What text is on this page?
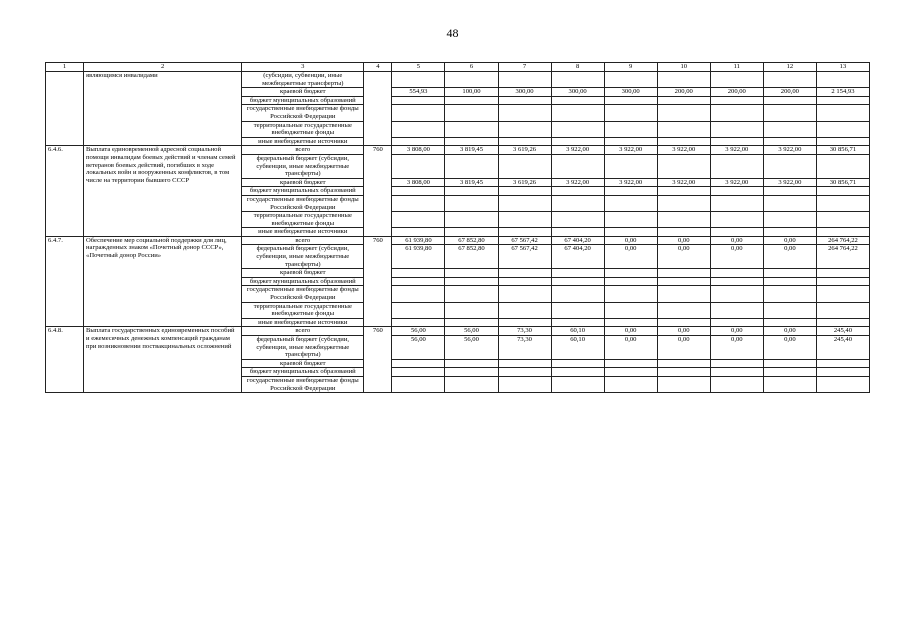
48
1	2	3	4	5	6	7	8	9	10	11	12	13
	являющимся инвалидами	(субсидии, субвенции, иные межбюджетные трансферты)										
		краевой бюджет		554,93	100,00	300,00	300,00	300,00	200,00	200,00	200,00	2 154,93
		бюджет муниципальных образований										
		государственные внебюджетные фонды Российской Федерации										
		территориальные государственные внебюджетные фонды										
		иные внебюджетные источники										
6.4.6.	Выплата единовременной адресной социальной помощи инвалидам боевых действий и членам семей ветеранов боевых действий, погибших в ходе локальных войн и вооруженных конфликтов, в том числе на территории бывшего СССР	всего	760	3 808,00	3 819,45	3 619,26	3 922,00	3 922,00	3 922,00	3 922,00	3 922,00	30 856,71
		федеральный бюджет (субсидии, субвенции, иные межбюджетные трансферты)										
		краевой бюджет		3 808,00	3 819,45	3 619,26	3 922,00	3 922,00	3 922,00	3 922,00	3 922,00	30 856,71
		бюджет муниципальных образований										
		государственные внебюджетные фонды Российской Федерации										
		территориальные государственные внебюджетные фонды										
		иные внебюджетные источники										
6.4.7.	Обеспечение мер социальной поддержки для лиц, награжденных знаком «Почетный донор СССР», «Почетный донор России»	всего	760	61 939,80	67 852,80	67 567,42	67 404,20	0,00	0,00	0,00	0,00	264 764,22
		федеральный бюджет (субсидии, субвенции, иные межбюджетные трансферты)		61 939,80	67 852,80	67 567,42	67 404,20	0,00	0,00	0,00	0,00	264 764,22
		краевой бюджет										
		бюджет муниципальных образований										
		государственные внебюджетные фонды Российской Федерации										
		территориальные государственные внебюджетные фонды										
		иные внебюджетные источники										
6.4.8.	Выплата государственных единовременных пособий и ежемесячных денежных компенсаций гражданам при возникновении поствакцинальных осложнений	всего	760	56,00	56,00	73,30	60,10	0,00	0,00	0,00	0,00	245,40
		федеральный бюджет (субсидии, субвенции, иные межбюджетные трансферты)		56,00	56,00	73,30	60,10	0,00	0,00	0,00	0,00	245,40
		краевой бюджет										
		бюджет муниципальных образований										
		государственные внебюджетные фонды Российской Федерации										
